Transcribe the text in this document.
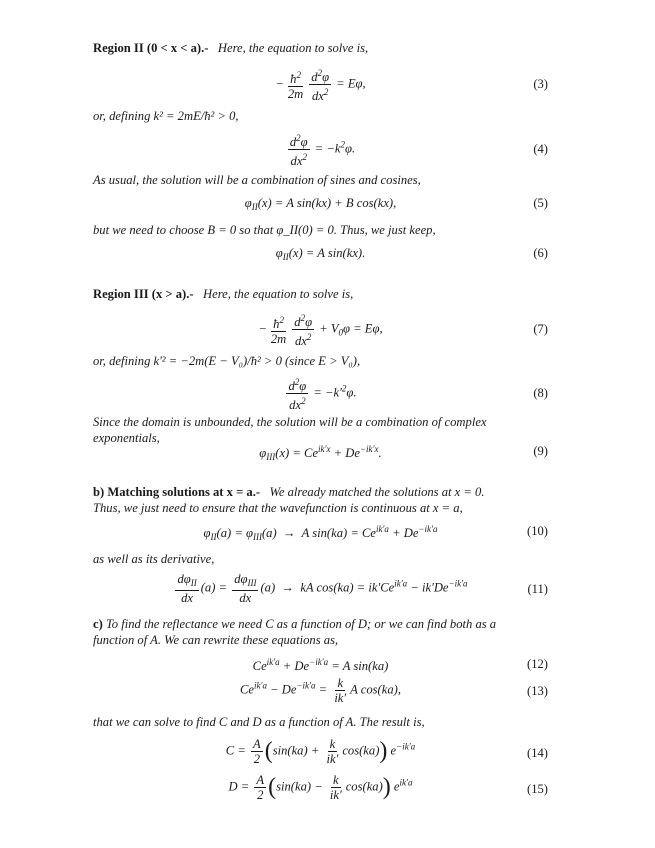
Region II (0 < x < a).- Here, the equation to solve is,
− $\frac{ħ^2}{2m} \frac{d^2\varphi}{dx^2} = E\varphi$,	(3)
or, defining k² = 2mE/ħ² > 0,
$\frac{d^2\varphi}{dx^2} = -k^2\varphi$.	(4)
As usual, the solution will be a combination of sines and cosines,
$\varphi_{II}(x) = A$ sin(kx) + B cos(kx),	(5)
but we need to choose B = 0 so that φ_II(0) = 0. Thus, we just keep,
$\varphi_{II}(x) = A$ sin(kx).	(6)
Region III (x > a).- Here, the equation to solve is,
− $\frac{ħ^2}{2m} \frac{d^2\varphi}{dx^2} + V_0\varphi = E\varphi$,	(7)
or, defining k'² = −2m(E − V₀)/ħ² > 0 (since E > V₀),
$\frac{d^2\varphi}{dx^2} = -k'^2\varphi$.	(8)
Since the domain is unbounded, the solution will be a combination of complex exponentials,
$\varphi_{III}(x) = Ce^{ik'x} + De^{-ik'x}$.	(9)
b) Matching solutions at x = a.- We already matched the solutions at x = 0.
Thus, we just need to ensure that the wavefunction is continuous at x = a,
$\varphi_{II}(a) = \varphi_{III}(a) \to A$ $\sin(ka) = Ce^{ik'a} + De^{-ik'a}$	(10)
as well as its derivative,
$\frac{d\varphi_{II}}{dx} (a) = \frac{d\varphi_{III}}{dx} (a)$  →  kA $\cos(ka) = ik'Ce^{ik'a} - ik'De^{-ik'a}$	(11)
c) To find the reflectance we need C as a function of D; or we can find both as a
function of A. We can rewrite these equations as,
$Ce^{ik'a} + De^{-ik'a} = A$ sin(ka)	(12)
$Ce^{ik'a} - De^{-ik'a} = \frac{k}{ik'}$ A cos(ka),	(13)
that we can solve to find C and D as a function of A. The result is,
$C = \frac{A}{2} (\sin(ka) + \frac{k}{ik'} \cos(ka))$ $e^{-ik'a}$	(14)
$D = \frac{A}{2} (\sin(ka) - \frac{k}{ik'} \cos(ka))$ $e^{ik'a}$	(15)
